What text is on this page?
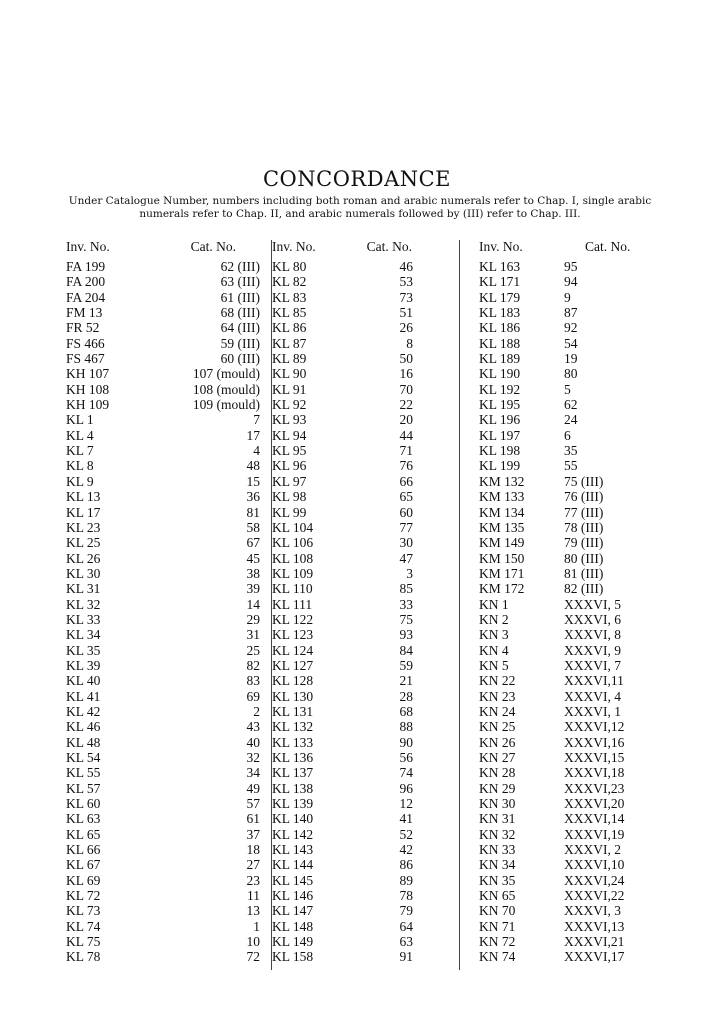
CONCORDANCE
Under Catalogue Number, numbers including both roman and arabic numerals refer to Chap. I, single arabic numerals refer to Chap. II, and arabic numerals followed by (III) refer to Chap. III.
Inv. No.	Cat. No.
FA 199	62 (III)
FA 200	63 (III)
FA 204	61 (III)
FM 13	68 (III)
FR 52	64 (III)
FS 466	59 (III)
FS 467	60 (III)
KH 107	107 (mould)
KH 108	108 (mould)
KH 109	109 (mould)
KL 1	7
KL 4	17
KL 7	4
KL 8	48
KL 9	15
KL 13	36
KL 17	81
KL 23	58
KL 25	67
KL 26	45
KL 30	38
KL 31	39
KL 32	14
KL 33	29
KL 34	31
KL 35	25
KL 39	82
KL 40	83
KL 41	69
KL 42	2
KL 46	43
KL 48	40
KL 54	32
KL 55	34
KL 57	49
KL 60	57
KL 63	61
KL 65	37
KL 66	18
KL 67	27
KL 69	23
KL 72	11
KL 73	13
KL 74	1
KL 75	10
KL 78	72
Inv. No.	Cat. No.
KL 80	46
KL 82	53
KL 83	73
KL 85	51
KL 86	26
KL 87	8
KL 89	50
KL 90	16
KL 91	70
KL 92	22
KL 93	20
KL 94	44
KL 95	71
KL 96	76
KL 97	66
KL 98	65
KL 99	60
KL 104	77
KL 106	30
KL 108	47
KL 109	3
KL 110	85
KL 111	33
KL 122	75
KL 123	93
KL 124	84
KL 127	59
KL 128	21
KL 130	28
KL 131	68
KL 132	88
KL 133	90
KL 136	56
KL 137	74
KL 138	96
KL 139	12
KL 140	41
KL 142	52
KL 143	42
KL 144	86
KL 145	89
KL 146	78
KL 147	79
KL 148	64
KL 149	63
KL 158	91
Inv. No.	Cat. No.
KL 163	95
KL 171	94
KL 179	9
KL 183	87
KL 186	92
KL 188	54
KL 189	19
KL 190	80
KL 192	5
KL 195	62
KL 196	24
KL 197	6
KL 198	35
KL 199	55
KM 132	75 (III)
KM 133	76 (III)
KM 134	77 (III)
KM 135	78 (III)
KM 149	79 (III)
KM 150	80 (III)
KM 171	81 (III)
KM 172	82 (III)
KN 1	XXXVI, 5
KN 2	XXXVI, 6
KN 3	XXXVI, 8
KN 4	XXXVI, 9
KN 5	XXXVI, 7
KN 22	XXXVI,11
KN 23	XXXVI, 4
KN 24	XXXVI, 1
KN 25	XXXVI,12
KN 26	XXXVI,16
KN 27	XXXVI,15
KN 28	XXXVI,18
KN 29	XXXVI,23
KN 30	XXXVI,20
KN 31	XXXVI,14
KN 32	XXXVI,19
KN 33	XXXVI, 2
KN 34	XXXVI,10
KN 35	XXXVI,24
KN 65	XXXVI,22
KN 70	XXXVI, 3
KN 71	XXXVI,13
KN 72	XXXVI,21
KN 74	XXXVI,17
